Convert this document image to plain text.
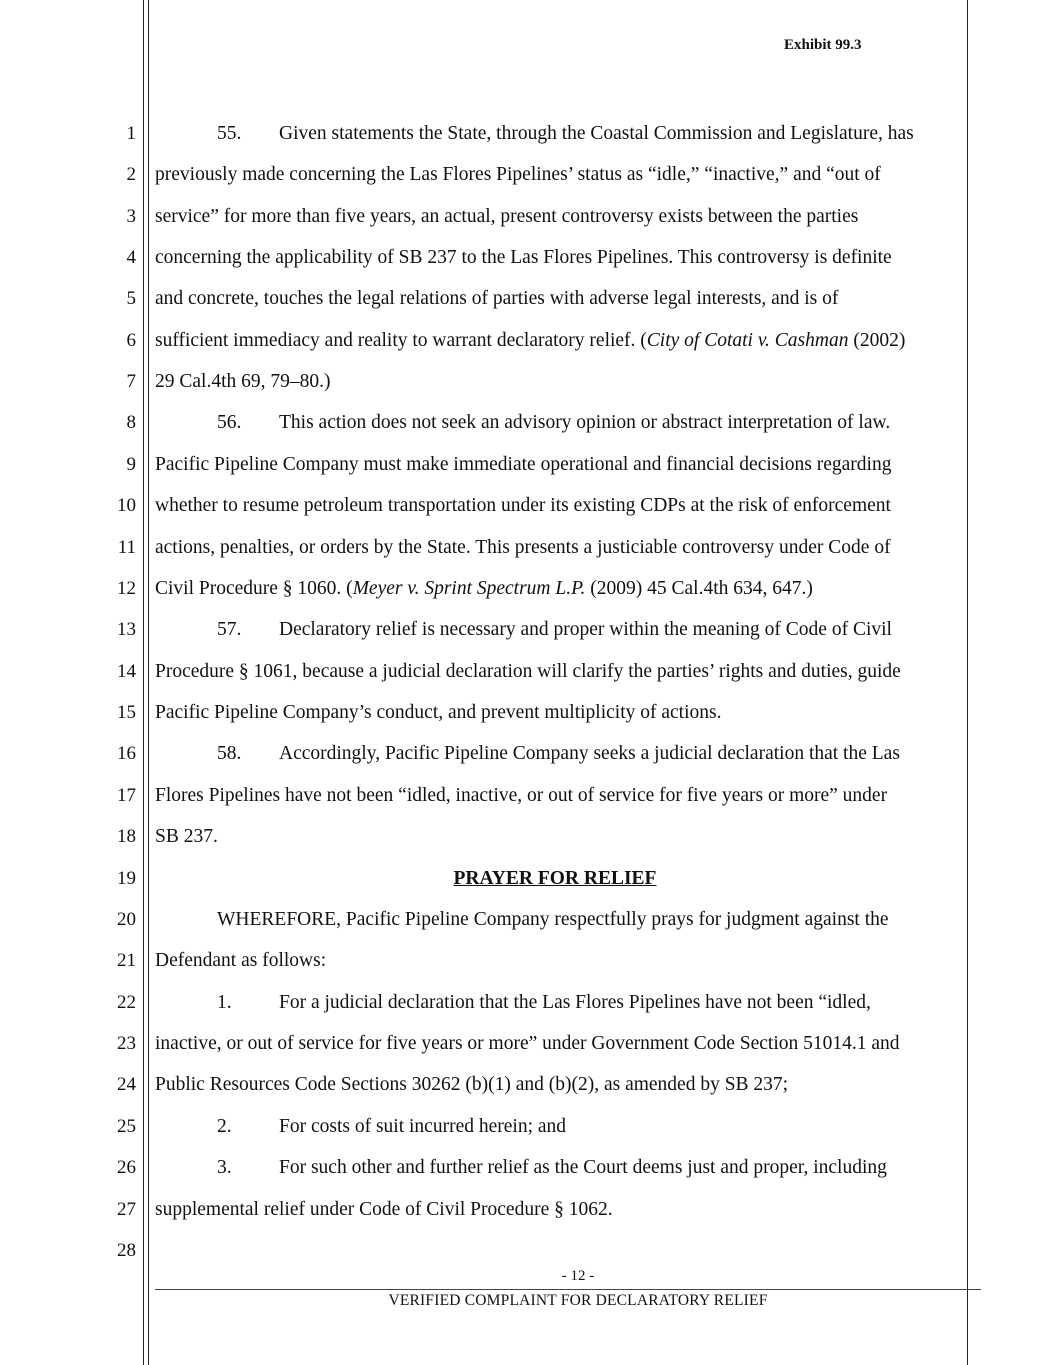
Exhibit 99.3
1
2
3
4
5
6
7
8
9
10
11
12
13
14
15
16
17
18
19
20
21
22
23
24
25
26
27
28
55. Given statements the State, through the Coastal Commission and Legislature, has
previously made concerning the Las Flores Pipelines’ status as “idle,” “inactive,” and “out of
service” for more than five years, an actual, present controversy exists between the parties
concerning the applicability of SB 237 to the Las Flores Pipelines. This controversy is definite
and concrete, touches the legal relations of parties with adverse legal interests, and is of
sufficient immediacy and reality to warrant declaratory relief. (City of Cotati v. Cashman (2002)
29 Cal.4th 69, 79–80.)
56. This action does not seek an advisory opinion or abstract interpretation of law.
Pacific Pipeline Company must make immediate operational and financial decisions regarding
whether to resume petroleum transportation under its existing CDPs at the risk of enforcement
actions, penalties, or orders by the State. This presents a justiciable controversy under Code of
Civil Procedure § 1060. (Meyer v. Sprint Spectrum L.P. (2009) 45 Cal.4th 634, 647.)
57. Declaratory relief is necessary and proper within the meaning of Code of Civil
Procedure § 1061, because a judicial declaration will clarify the parties’ rights and duties, guide
Pacific Pipeline Company’s conduct, and prevent multiplicity of actions.
58. Accordingly, Pacific Pipeline Company seeks a judicial declaration that the Las
Flores Pipelines have not been “idled, inactive, or out of service for five years or more” under
SB 237.
PRAYER FOR RELIEF
WHEREFORE, Pacific Pipeline Company respectfully prays for judgment against the
Defendant as follows:
1. For a judicial declaration that the Las Flores Pipelines have not been “idled,
inactive, or out of service for five years or more” under Government Code Section 51014.1 and
Public Resources Code Sections 30262 (b)(1) and (b)(2), as amended by SB 237;
2. For costs of suit incurred herein; and
3. For such other and further relief as the Court deems just and proper, including
supplemental relief under Code of Civil Procedure § 1062.
- 12 -
VERIFIED COMPLAINT FOR DECLARATORY RELIEF
